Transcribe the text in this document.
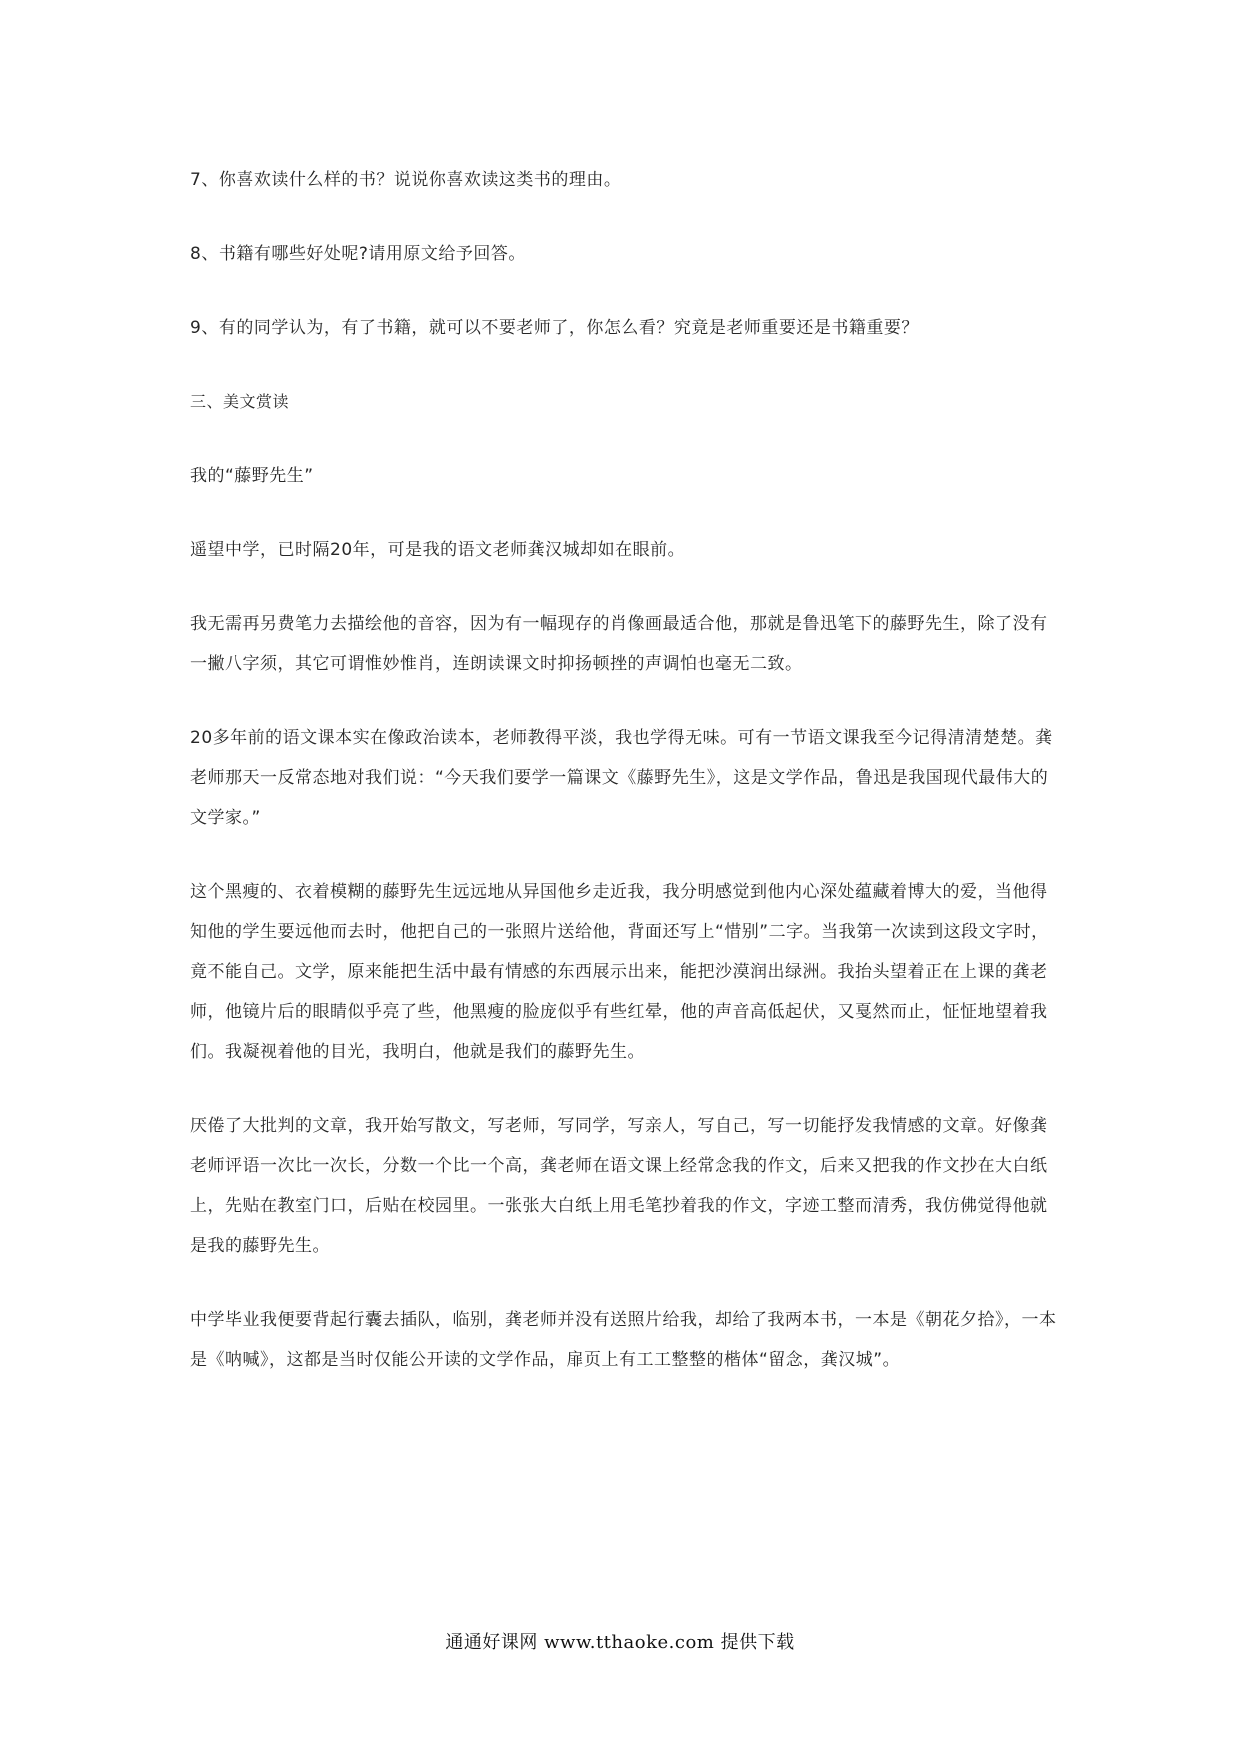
7、你喜欢读什么样的书？说说你喜欢读这类书的理由。

8、书籍有哪些好处呢?请用原文给予回答。

9、有的同学认为，有了书籍，就可以不要老师了，你怎么看？究竟是老师重要还是书籍重要？

三、美文赏读

我的“藤野先生”

遥望中学，已时隔20年，可是我的语文老师龚汉城却如在眼前。

我无需再另费笔力去描绘他的音容，因为有一幅现存的肖像画最适合他，那就是鲁迅笔下的藤野先生，除了没有一撇八字须，其它可谓惟妙惟肖，连朗读课文时抑扬顿挫的声调怕也毫无二致。

20多年前的语文课本实在像政治读本，老师教得平淡，我也学得无味。可有一节语文课我至今记得清清楚楚。龚老师那天一反常态地对我们说：“今天我们要学一篇课文《藤野先生》，这是文学作品，鲁迅是我国现代最伟大的文学家。”

这个黑瘦的、衣着模糊的藤野先生远远地从异国他乡走近我，我分明感觉到他内心深处蕴藏着博大的爱，当他得知他的学生要远他而去时，他把自己的一张照片送给他，背面还写上“惜别”二字。当我第一次读到这段文字时，竟不能自己。文学，原来能把生活中最有情感的东西展示出来，能把沙漠润出绿洲。我抬头望着正在上课的龚老师，他镜片后的眼睛似乎亮了些，他黑瘦的脸庞似乎有些红晕，他的声音高低起伏，又戛然而止，怔怔地望着我们。我凝视着他的目光，我明白，他就是我们的藤野先生。

厌倦了大批判的文章，我开始写散文，写老师，写同学，写亲人，写自己，写一切能抒发我情感的文章。好像龚老师评语一次比一次长，分数一个比一个高，龚老师在语文课上经常念我的作文，后来又把我的作文抄在大白纸上，先贴在教室门口，后贴在校园里。一张张大白纸上用毛笔抄着我的作文，字迹工整而清秀，我仿佛觉得他就是我的藤野先生。

中学毕业我便要背起行囊去插队，临别，龚老师并没有送照片给我，却给了我两本书，一本是《朝花夕拾》，一本是《呐喊》，这都是当时仅能公开读的文学作品，扉页上有工工整整的楷体“留念，龚汉城”。

通通好课网 www.tthaoke.com 提供下载
